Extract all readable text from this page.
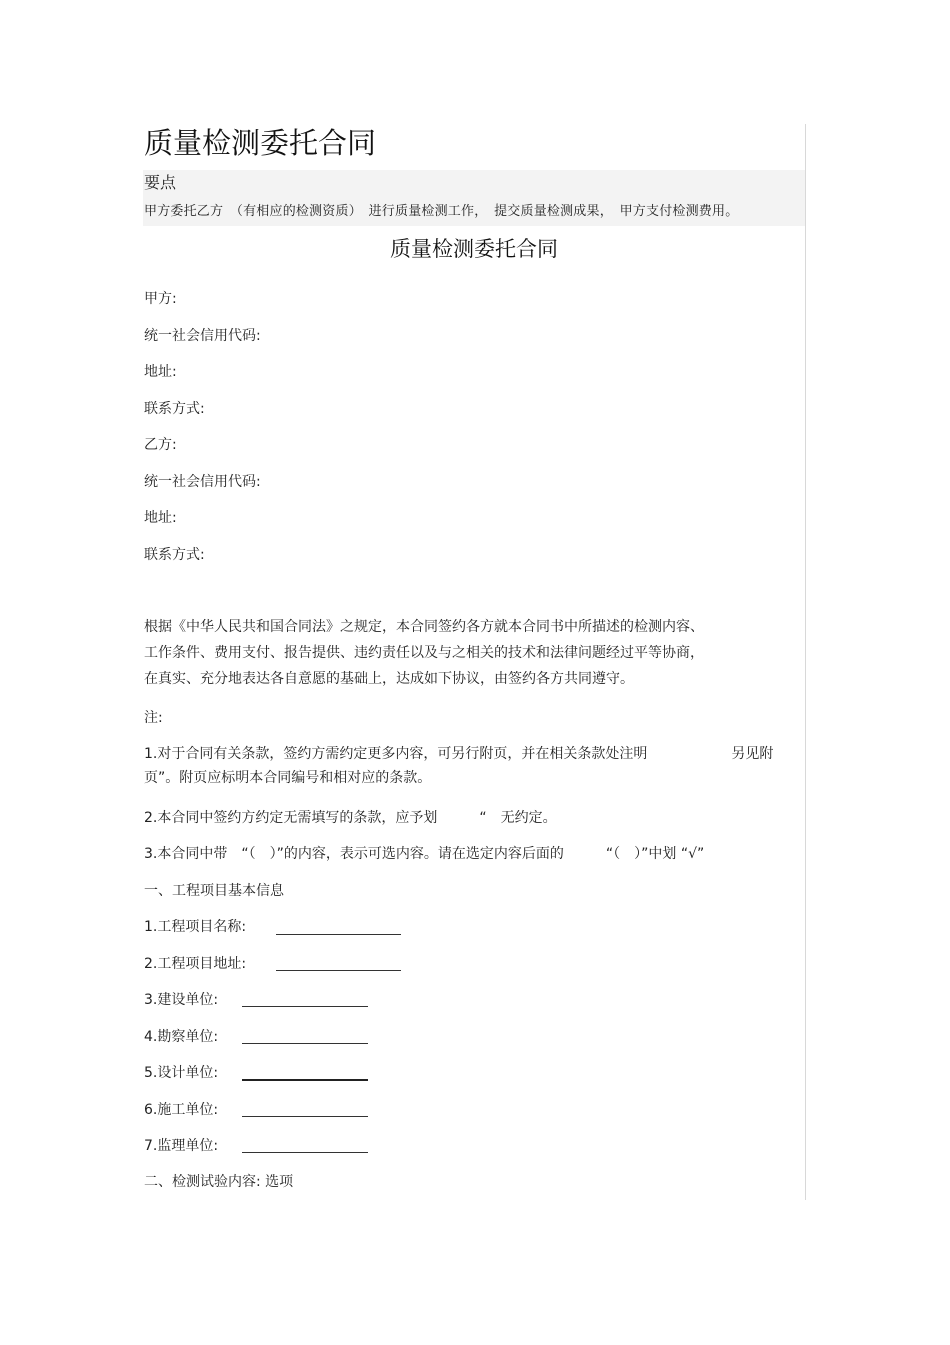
质量检测委托合同
要点
甲方委托乙方　（有相应的检测资质）　进行质量检测工作，　提交质量检测成果，　甲方支付检测费用。
质量检测委托合同
甲方:
统一社会信用代码:
地址:
联系方式:
乙方:
统一社会信用代码:
地址:
联系方式:
根据《中华人民共和国合同法》之规定，本合同签约各方就本合同书中所描述的检测内容、
工作条件、费用支付、报告提供、违约责任以及与之相关的技术和法律问题经过平等协商，
在真实、充分地表达各自意愿的基础上，达成如下协议，由签约各方共同遵守。
注:
1.对于合同有关条款，签约方需约定更多内容，可另行附页，并在相关条款处注明　　　　　　另见附
页”。附页应标明本合同编号和相对应的条款。
2.本合同中签约方约定无需填写的条款，应予划　　　“　无约定。
3.本合同中带　“（　）”的内容，表示可选内容。请在选定内容后面的　　　“（　）”中划 “√”
一、工程项目基本信息
1.工程项目名称:
2.工程项目地址:
3.建设单位:
4.勘察单位:
5.设计单位:
6.施工单位:
7.监理单位:
二、检测试验内容: 选项
